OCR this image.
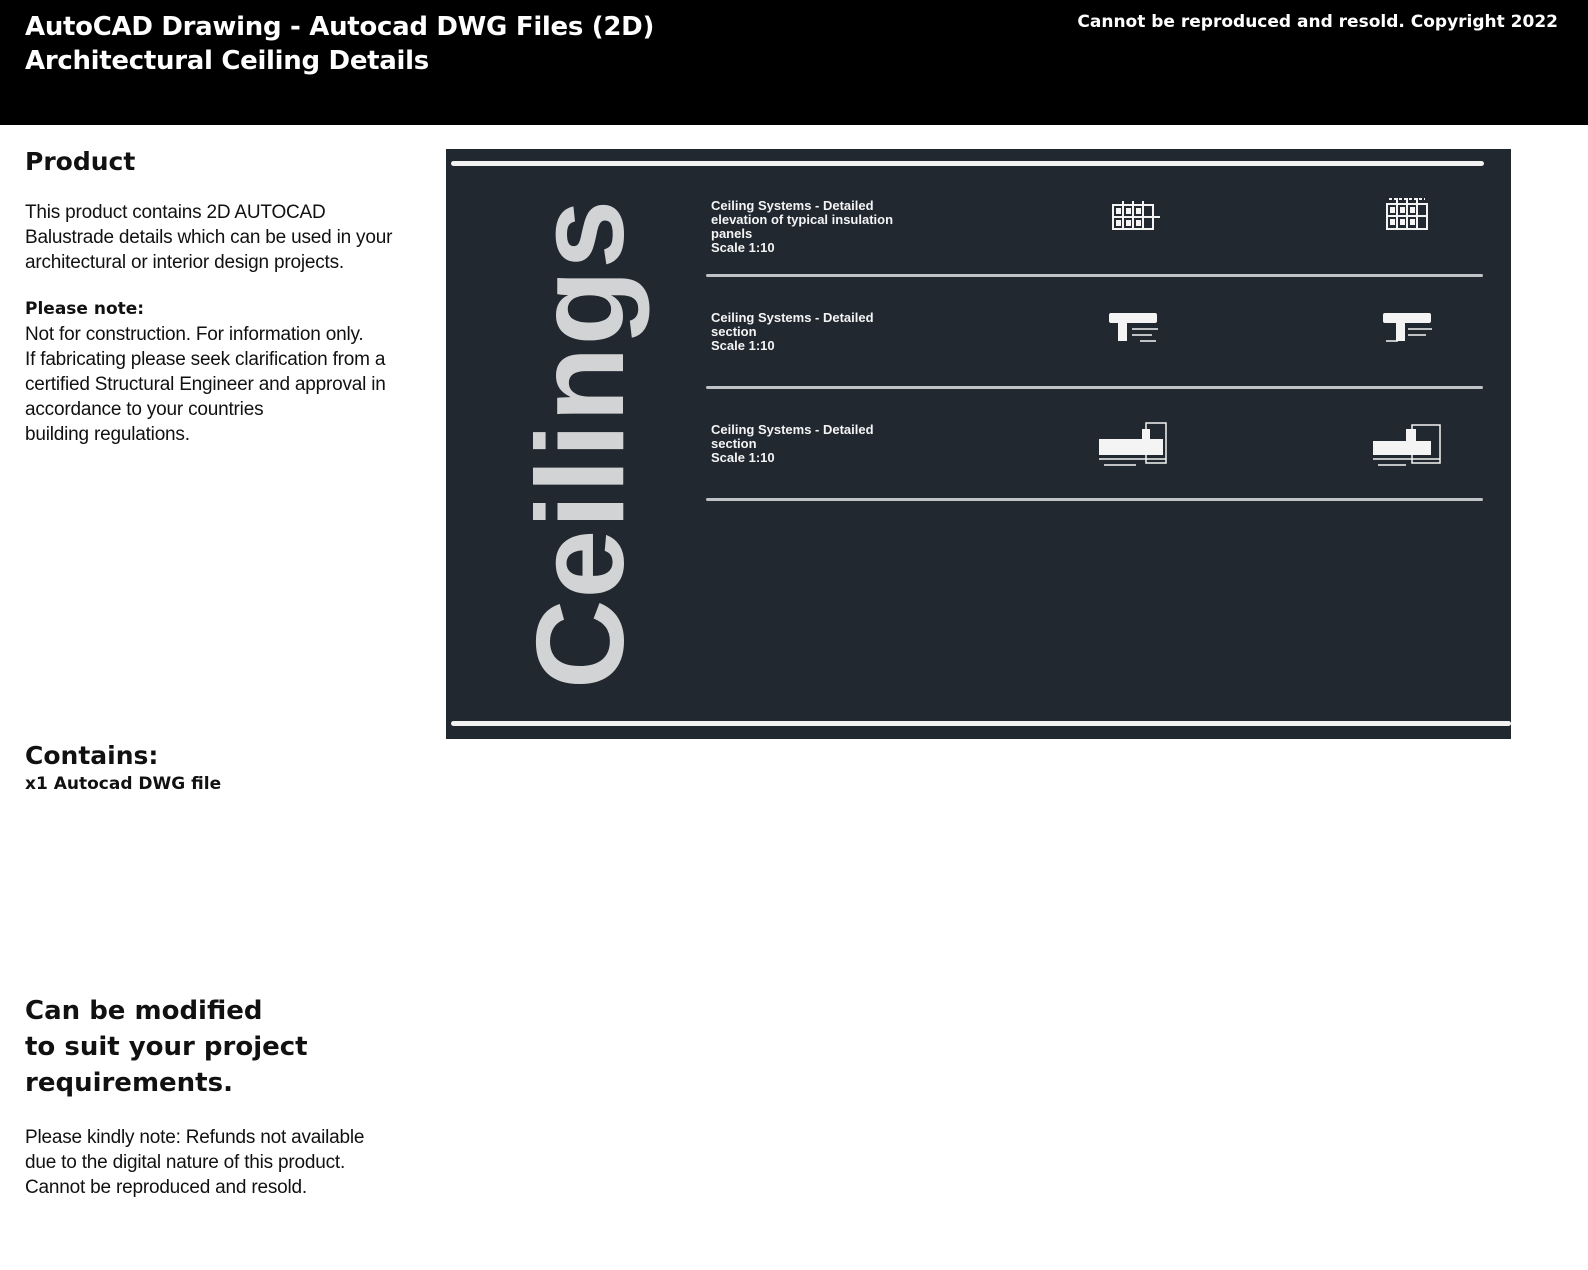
AutoCAD Drawing - Autocad DWG Files (2D)
Architectural Ceiling Details
Cannot be reproduced and resold. Copyright 2022
Product
This product contains 2D AUTOCAD Balustrade details which can be used in your architectural or interior design projects.
Please note:
Not for construction. For information only.
If fabricating please seek clarification from a
certified Structural Engineer and approval in
accordance to your countries
building regulations.
Contains:
x1 Autocad DWG file
Can be modified
to suit your project
requirements.
Please kindly note: Refunds not available
due to the digital nature of this product.
Cannot be reproduced and resold.
Ceilings	Ceiling Systems - Detailed
elevation of typical insulation
panels
Scale 1:10
Ceiling Systems - Detailed
section
Scale 1:10
Ceiling Systems - Detailed
section
Scale 1:10
